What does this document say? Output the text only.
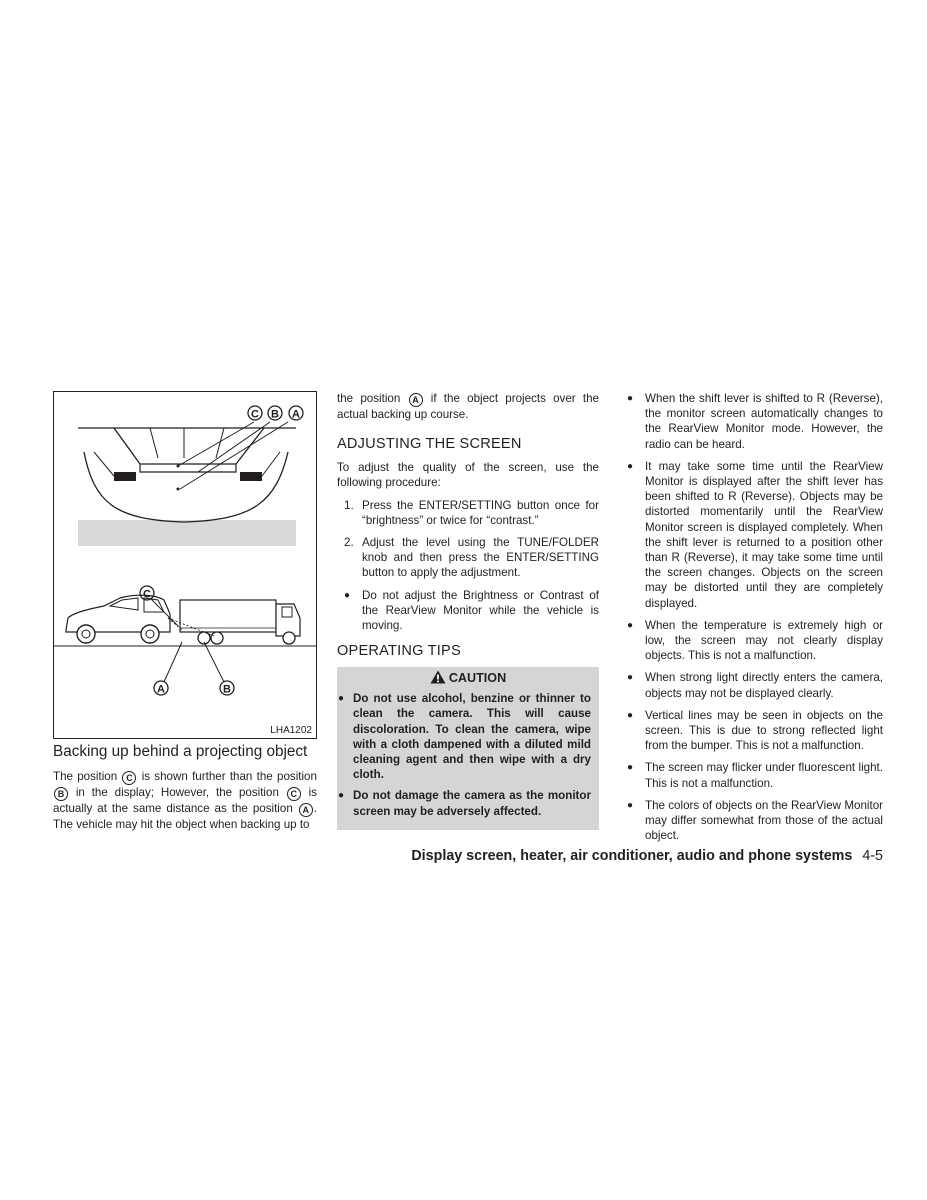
C B A
C
A	B
LHA1202
Backing up behind a projecting object
The position C is shown further than the position B in the display; However, the position C is actually at the same distance as the position A . The vehicle may hit the object when backing up to

the position A if the object projects over the actual backing up course.

ADJUSTING THE SCREEN

To adjust the quality of the screen, use the following procedure:

1. Press the ENTER/SETTING button once for “brightness” or twice for “contrast.”
2. Adjust the level using the TUNE/FOLDER knob and then press the ENTER/SETTING button to apply the adjustment.
● Do not adjust the Brightness or Contrast of the RearView Monitor while the vehicle is moving.
OPERATING TIPS
CAUTION
● Do not use alcohol, benzine or thinner to clean the camera. This will cause discoloration. To clean the camera, wipe with a cloth dampened with a diluted mild cleaning agent and then wipe with a dry cloth.
● Do not damage the camera as the monitor screen may be adversely affected.
● When the shift lever is shifted to R (Reverse), the monitor screen automatically changes to the RearView Monitor mode. However, the radio can be heard.
● It may take some time until the RearView Monitor is displayed after the shift lever has been shifted to R (Reverse). Objects may be distorted momentarily until the RearView Monitor screen is displayed completely. When the shift lever is returned to a position other than R (Reverse), it may take some time until the screen changes. Objects on the screen may be distorted until they are completely displayed.
● When the temperature is extremely high or low, the screen may not clearly display objects. This is not a malfunction.
● When strong light directly enters the camera, objects may not be displayed clearly.
● Vertical lines may be seen in objects on the screen. This is due to strong reflected light from the bumper. This is not a malfunction.
● The screen may flicker under fluorescent light. This is not a malfunction.
● The colors of objects on the RearView Monitor may differ somewhat from those of the actual object.
Display screen, heater, air conditioner, audio and phone systems 4-5
